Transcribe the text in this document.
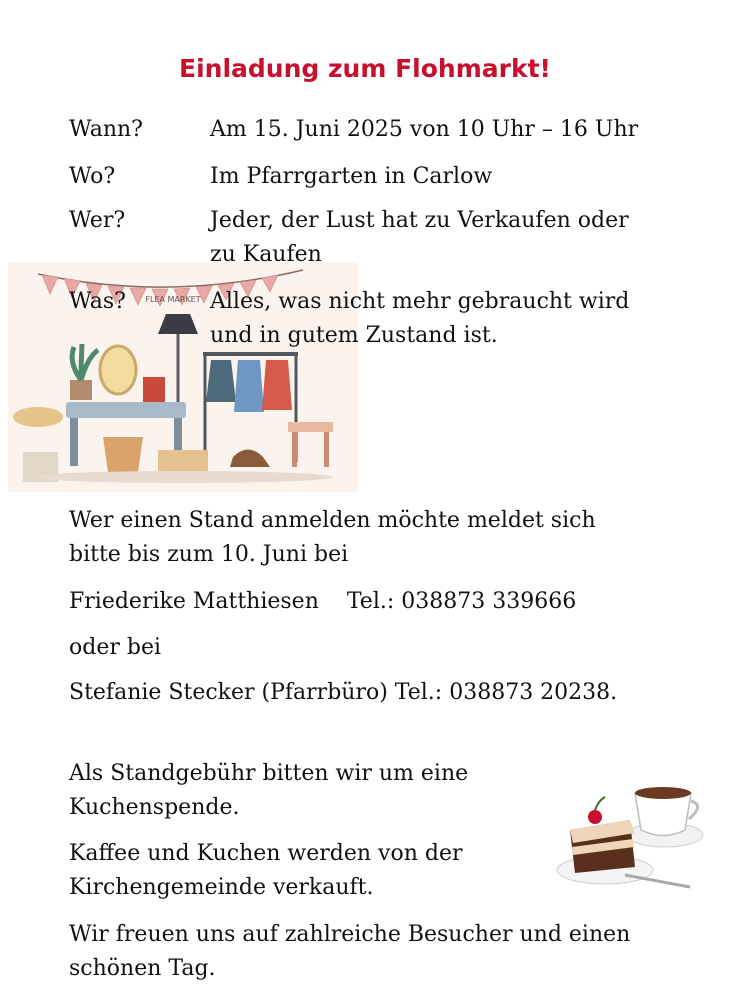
Einladung zum Flohmarkt!
FLEA MARKET
Wann?	Am 15. Juni 2025 von 10 Uhr – 16 Uhr
Wo?	Im Pfarrgarten in Carlow
Wer?	Jeder, der Lust hat zu Verkaufen oder zu Kaufen
Was?	Alles, was nicht mehr gebraucht wird und in gutem Zustand ist.
Wer einen Stand anmelden möchte meldet sich bitte bis zum 10. Juni bei
Friederike Matthiesen    Tel.: 038873 339666
oder bei
Stefanie Stecker (Pfarrbüro) Tel.: 038873 20238.
Als Standgebühr bitten wir um eine Kuchenspende.
Kaffee und Kuchen werden von der Kirchengemeinde verkauft.
Wir freuen uns auf zahlreiche Besucher und einen schönen Tag.
